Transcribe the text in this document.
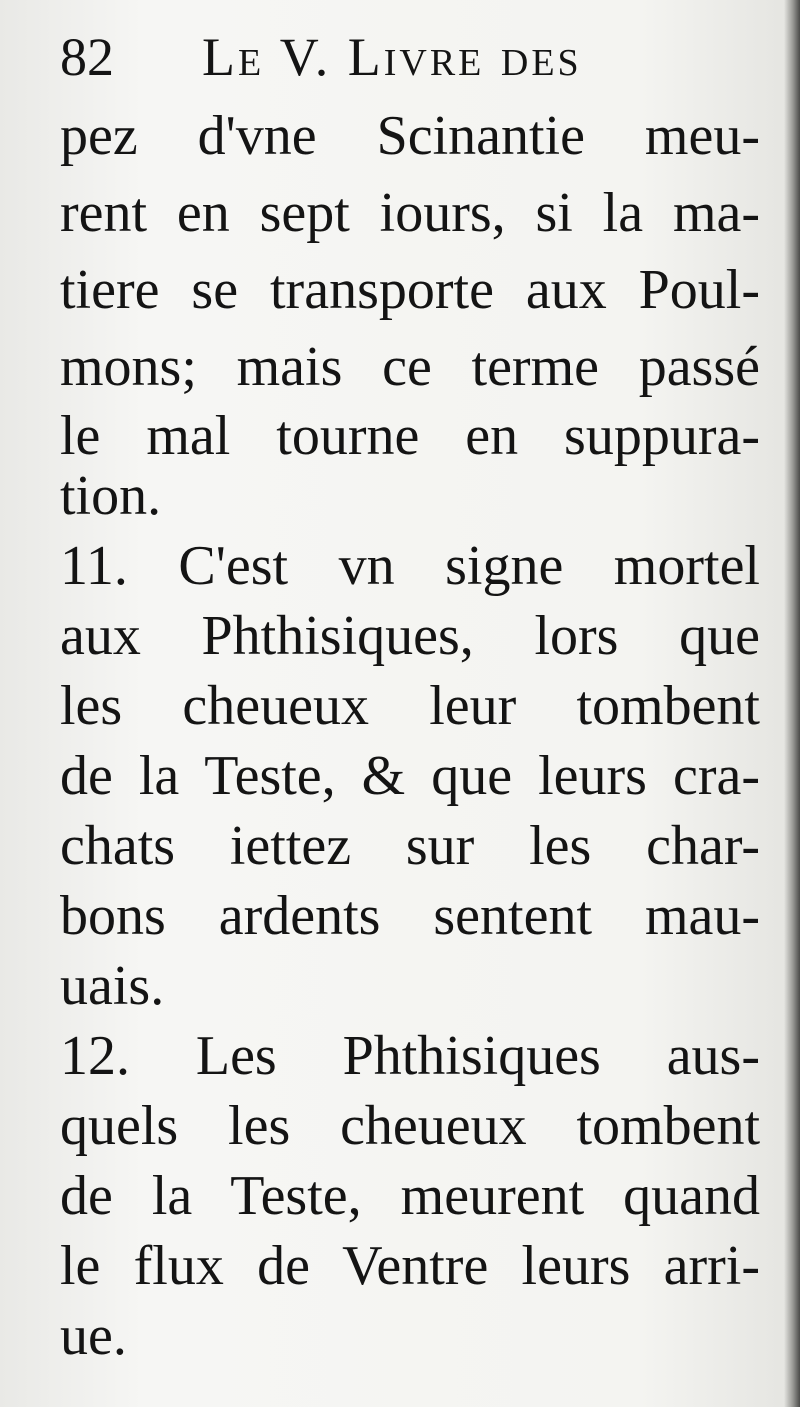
82 Le V. Livre des
pez d'vne Scinantie meu-
rent en sept iours, si la ma-
tiere se transporte aux Poul-
mons; mais ce terme passé
le mal tourne en suppura-
tion.
11. C'est vn signe mortel
aux Phthisiques, lors que
les cheueux leur tombent
de la Teste, & que leurs cra-
chats iettez sur les char-
bons ardents sentent mau-
uais.
12. Les Phthisiques aus-
quels les cheueux tombent
de la Teste, meurent quand
le flux de Ventre leurs arri-
ue.
